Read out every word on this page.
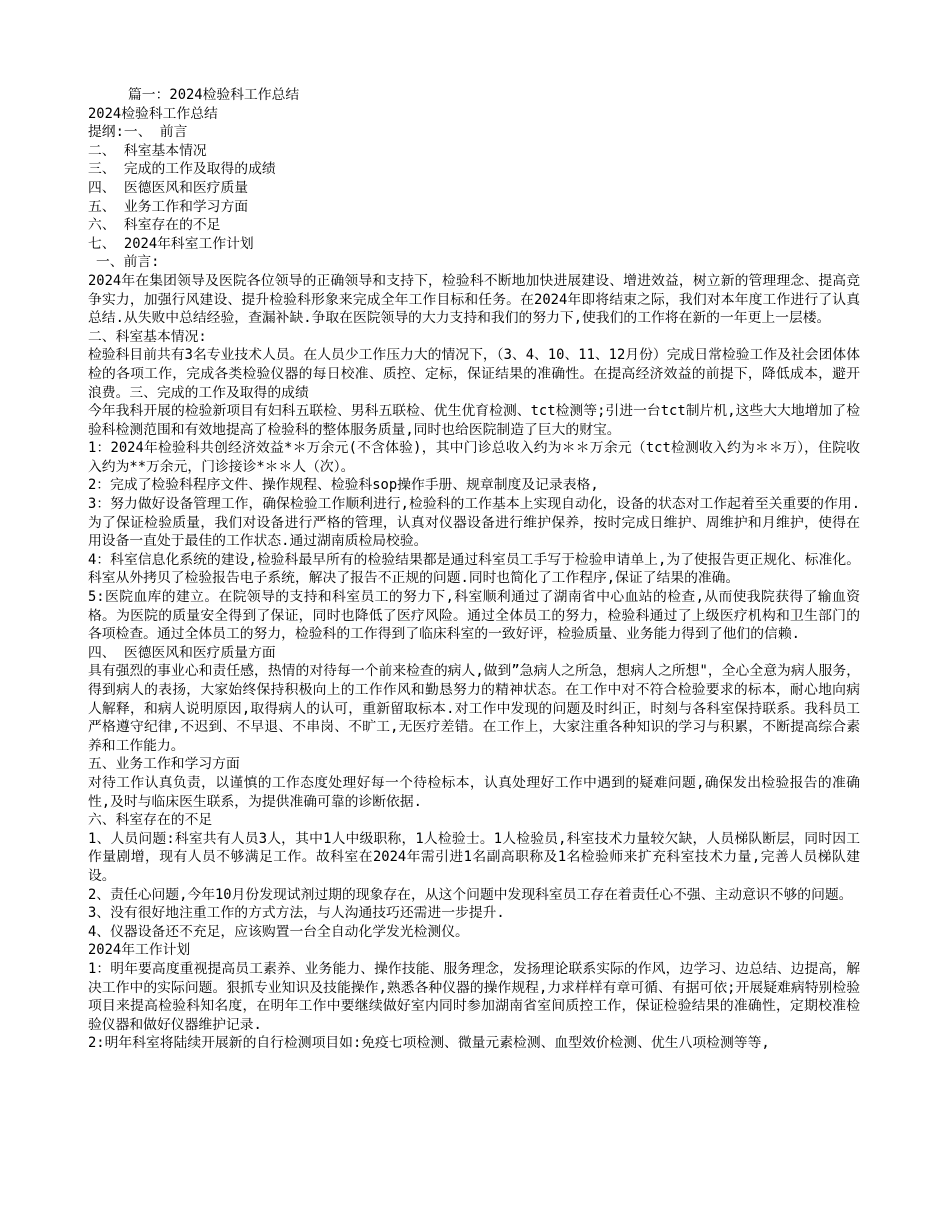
篇一：2024检验科工作总结
2024检验科工作总结
提纲:一、 前言
二、 科室基本情况
三、 完成的工作及取得的成绩
四、 医德医风和医疗质量
五、 业务工作和学习方面
六、 科室存在的不足
七、 2024年科室工作计划
一、前言:
2024年在集团领导及医院各位领导的正确领导和支持下，检验科不断地加快进展建设、增进效益，树立新的管理理念、提高竞争实力，加强行风建设、提升检验科形象来完成全年工作目标和任务。在2024年即将结束之际，我们对本年度工作进行了认真总结.从失败中总结经验，查漏补缺.争取在医院领导的大力支持和我们的努力下,使我们的工作将在新的一年更上一层楼。
二、科室基本情况:
检验科目前共有3名专业技术人员。在人员少工作压力大的情况下，（3、4、10、11、12月份）完成日常检验工作及社会团体体检的各项工作，完成各类检验仪器的每日校准、质控、定标，保证结果的准确性。在提高经济效益的前提下，降低成本，避开浪费。三、完成的工作及取得的成绩
今年我科开展的检验新项目有妇科五联检、男科五联检、优生优育检测、tct检测等;引进一台tct制片机,这些大大地增加了检验科检测范围和有效地提高了检验科的整体服务质量,同时也给医院制造了巨大的财宝。
1：2024年检验科共创经济效益*＊万余元(不含体验)，其中门诊总收入约为＊＊万余元（tct检测收入约为＊＊万），住院收入约为**万余元，门诊接诊*＊＊人（次）。
2：完成了检验科程序文件、操作规程、检验科sop操作手册、规章制度及记录表格,
3：努力做好设备管理工作，确保检验工作顺利进行,检验科的工作基本上实现自动化，设备的状态对工作起着至关重要的作用.为了保证检验质量，我们对设备进行严格的管理，认真对仪器设备进行维护保养，按时完成日维护、周维护和月维护，使得在用设备一直处于最佳的工作状态.通过湖南质检局校验。
4：科室信息化系统的建设,检验科最早所有的检验结果都是通过科室员工手写于检验申请单上,为了使报告更正规化、标准化。科室从外拷贝了检验报告电子系统，解决了报告不正规的问题.同时也简化了工作程序,保证了结果的准确。
5:医院血库的建立。在院领导的支持和科室员工的努力下,科室顺利通过了湖南省中心血站的检查,从而使我院获得了输血资格。为医院的质量安全得到了保证，同时也降低了医疗风险。通过全体员工的努力，检验科通过了上级医疗机构和卫生部门的各项检查。通过全体员工的努力，检验科的工作得到了临床科室的一致好评，检验质量、业务能力得到了他们的信赖.
四、 医德医风和医疗质量方面
具有强烈的事业心和责任感，热情的对待每一个前来检查的病人,做到”急病人之所急，想病人之所想"，全心全意为病人服务，得到病人的表扬，大家始终保持积极向上的工作作风和勤恳努力的精神状态。在工作中对不符合检验要求的标本，耐心地向病人解释，和病人说明原因,取得病人的认可，重新留取标本.对工作中发现的问题及时纠正，时刻与各科室保持联系。我科员工严格遵守纪律,不迟到、不早退、不串岗、不旷工,无医疗差错。在工作上，大家注重各种知识的学习与积累，不断提高综合素养和工作能力。
五、业务工作和学习方面
对待工作认真负责，以谨慎的工作态度处理好每一个待检标本，认真处理好工作中遇到的疑难问题,确保发出检验报告的准确性,及时与临床医生联系，为提供准确可靠的诊断依据.
六、科室存在的不足
1、人员问题:科室共有人员3人，其中1人中级职称，1人检验士。1人检验员,科室技术力量较欠缺，人员梯队断层，同时因工作量剧增，现有人员不够满足工作。故科室在2024年需引进1名副高职称及1名检验师来扩充科室技术力量,完善人员梯队建设。
2、责任心问题,今年10月份发现试剂过期的现象存在，从这个问题中发现科室员工存在着责任心不强、主动意识不够的问题。
3、没有很好地注重工作的方式方法，与人沟通技巧还需进一步提升.
4、仪器设备还不充足，应该购置一台全自动化学发光检测仪。
2024年工作计划
1：明年要高度重视提高员工素养、业务能力、操作技能、服务理念，发扬理论联系实际的作风，边学习、边总结、边提高，解决工作中的实际问题。狠抓专业知识及技能操作,熟悉各种仪器的操作规程,力求样样有章可循、有据可依;开展疑难病特别检验项目来提高检验科知名度，在明年工作中要继续做好室内同时参加湖南省室间质控工作，保证检验结果的准确性，定期校准检验仪器和做好仪器维护记录.
2:明年科室将陆续开展新的自行检测项目如:免疫七项检测、微量元素检测、血型效价检测、优生八项检测等等,
